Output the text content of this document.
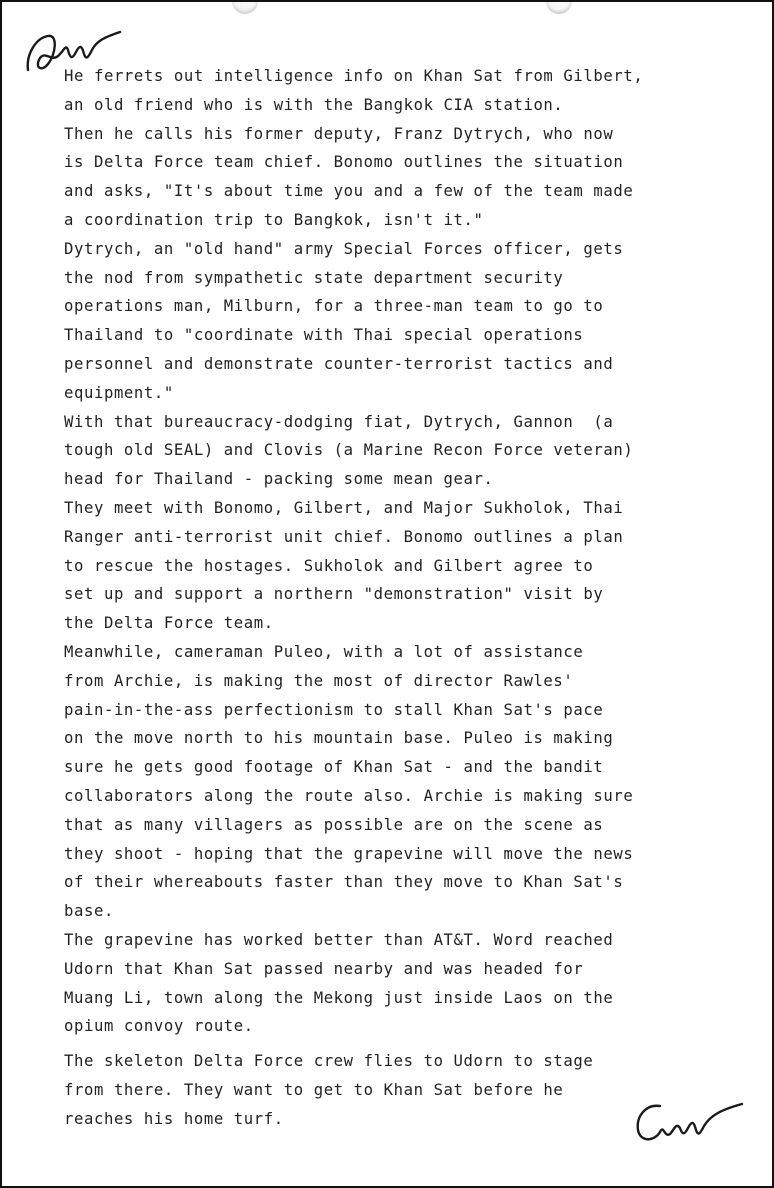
He ferrets out intelligence info on Khan Sat from Gilbert,
an old friend who is with the Bangkok CIA station.
Then he calls his former deputy, Franz Dytrych, who now
is Delta Force team chief. Bonomo outlines the situation
and asks, "It's about time you and a few of the team made
a coordination trip to Bangkok, isn't it."
Dytrych, an "old hand" army Special Forces officer, gets
the nod from sympathetic state department security
operations man, Milburn, for a three-man team to go to
Thailand to "coordinate with Thai special operations
personnel and demonstrate counter-terrorist tactics and
equipment."
With that bureaucracy-dodging fiat, Dytrych, Gannon  (a
tough old SEAL) and Clovis (a Marine Recon Force veteran)
head for Thailand - packing some mean gear.
They meet with Bonomo, Gilbert, and Major Sukholok, Thai
Ranger anti-terrorist unit chief. Bonomo outlines a plan
to rescue the hostages. Sukholok and Gilbert agree to
set up and support a northern "demonstration" visit by
the Delta Force team.
Meanwhile, cameraman Puleo, with a lot of assistance
from Archie, is making the most of director Rawles'
pain-in-the-ass perfectionism to stall Khan Sat's pace
on the move north to his mountain base. Puleo is making
sure he gets good footage of Khan Sat - and the bandit
collaborators along the route also. Archie is making sure
that as many villagers as possible are on the scene as
they shoot - hoping that the grapevine will move the news
of their whereabouts faster than they move to Khan Sat's
base.
The grapevine has worked better than AT&T. Word reached
Udorn that Khan Sat passed nearby and was headed for
Muang Li, town along the Mekong just inside Laos on the
opium convoy route.
The skeleton Delta Force crew flies to Udorn to stage
from there. They want to get to Khan Sat before he
reaches his home turf.
